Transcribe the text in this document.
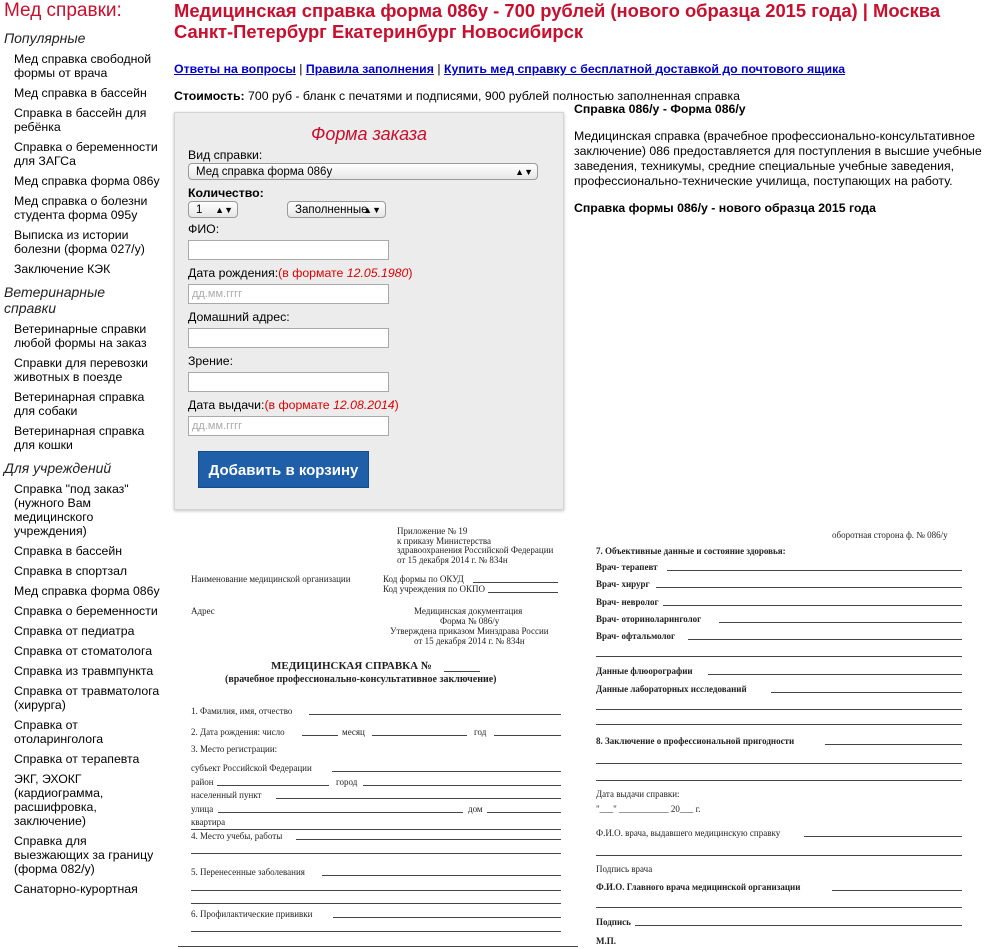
Мед справки:
Популярные
Мед справка свободной формы от врача
Мед справка в бассейн
Справка в бассейн для ребёнка
Справка о беременности для ЗАГСа
Мед справка форма 086у
Мед справка о болезни студента форма 095у
Выписка из истории болезни (форма 027/у)
Заключение КЭК
Ветеринарные справки
Ветеринарные справки любой формы на заказ
Справки для перевозки животных в поезде
Ветеринарная справка для собаки
Ветеринарная справка для кошки
Для учреждений
Справка "под заказ" (нужного Вам медицинского учреждения)
Справка в бассейн
Справка в спортзал
Мед справка форма 086у
Справка о беременности
Справка от педиатра
Справка от стоматолога
Справка из травмпункта
Справка от травматолога (хирурга)
Справка от отоларинголога
Справка от терапевта
ЭКГ, ЭХОКГ (кардиограмма, расшифровка, заключение)
Справка для выезжающих за границу (форма 082/у)
Санаторно-курортная
Медицинская справка форма 086у - 700 рублей (нового образца 2015 года) | Москва Санкт-Петербург Екатеринбург Новосибирск
Ответы на вопросы | Правила заполнения | Купить мед справку с бесплатной доставкой до почтового ящика
Стоимость: 700 руб - бланк с печатями и подписями, 900 рублей полностью заполненная справка
Форма заказа
Вид справки:
Мед справка форма 086у	▲▼
Количество:
1 ▲▼	Заполненные
▲▼
ФИО:
Дата рождения:(в формате 12.05.1980)
дд.мм.гггг
Домашний адрес:
Зрение:
Дата выдачи:(в формате 12.08.2014)
дд.мм.гггг
Добавить в корзину

Справка 086/у - Форма 086/у

Медицинская справка (врачебное профессионально-консультативное заключение) 086 предоставляется для поступления в высшие учебные заведения, техникумы, средние специальные учебные заведения, профессионально-технические училища, поступающих на работу.

Справка формы 086/у - нового образца 2015 года

Приложение № 19
к приказу Министерства
здравоохранения Российской Федерации
от 15 декабря 2014 г. № 834н
Наименование медицинской организации	Код формы по ОКУД
Код учреждения по ОКПО
Адрес	Медицинская документация
Форма № 086/у
Утверждена приказом Минздрава России
от 15 декабря 2014 г. № 834н
МЕДИЦИНСКАЯ СПРАВКА №
(врачебное профессионально-консультативное заключение)
1. Фамилия, имя, отчество
2. Дата рождения: число	месяц	год
3. Место регистрации:
субъект Российской Федерации
район	город
населенный пункт
улица	дом
квартира
4. Место учебы, работы
5. Перенесенные заболевания
6. Профилактические прививки
оборотная сторона ф. № 086/у
7. Объективные данные и состояние здоровья:
Врач- терапевт
Врач- хирург
Врач- невролог
Врач- оториноларинголог
Врач- офтальмолог
Данные флюорографии
Данные лабораторных исследований
8. Заключение о профессиональной пригодности
Дата выдачи справки:
"___" ___________ 20___ г.
Ф.И.О. врача, выдавшего медицинскую справку
Подпись врача
Ф.И.О. Главного врача медицинской организации
Подпись
М.П.
